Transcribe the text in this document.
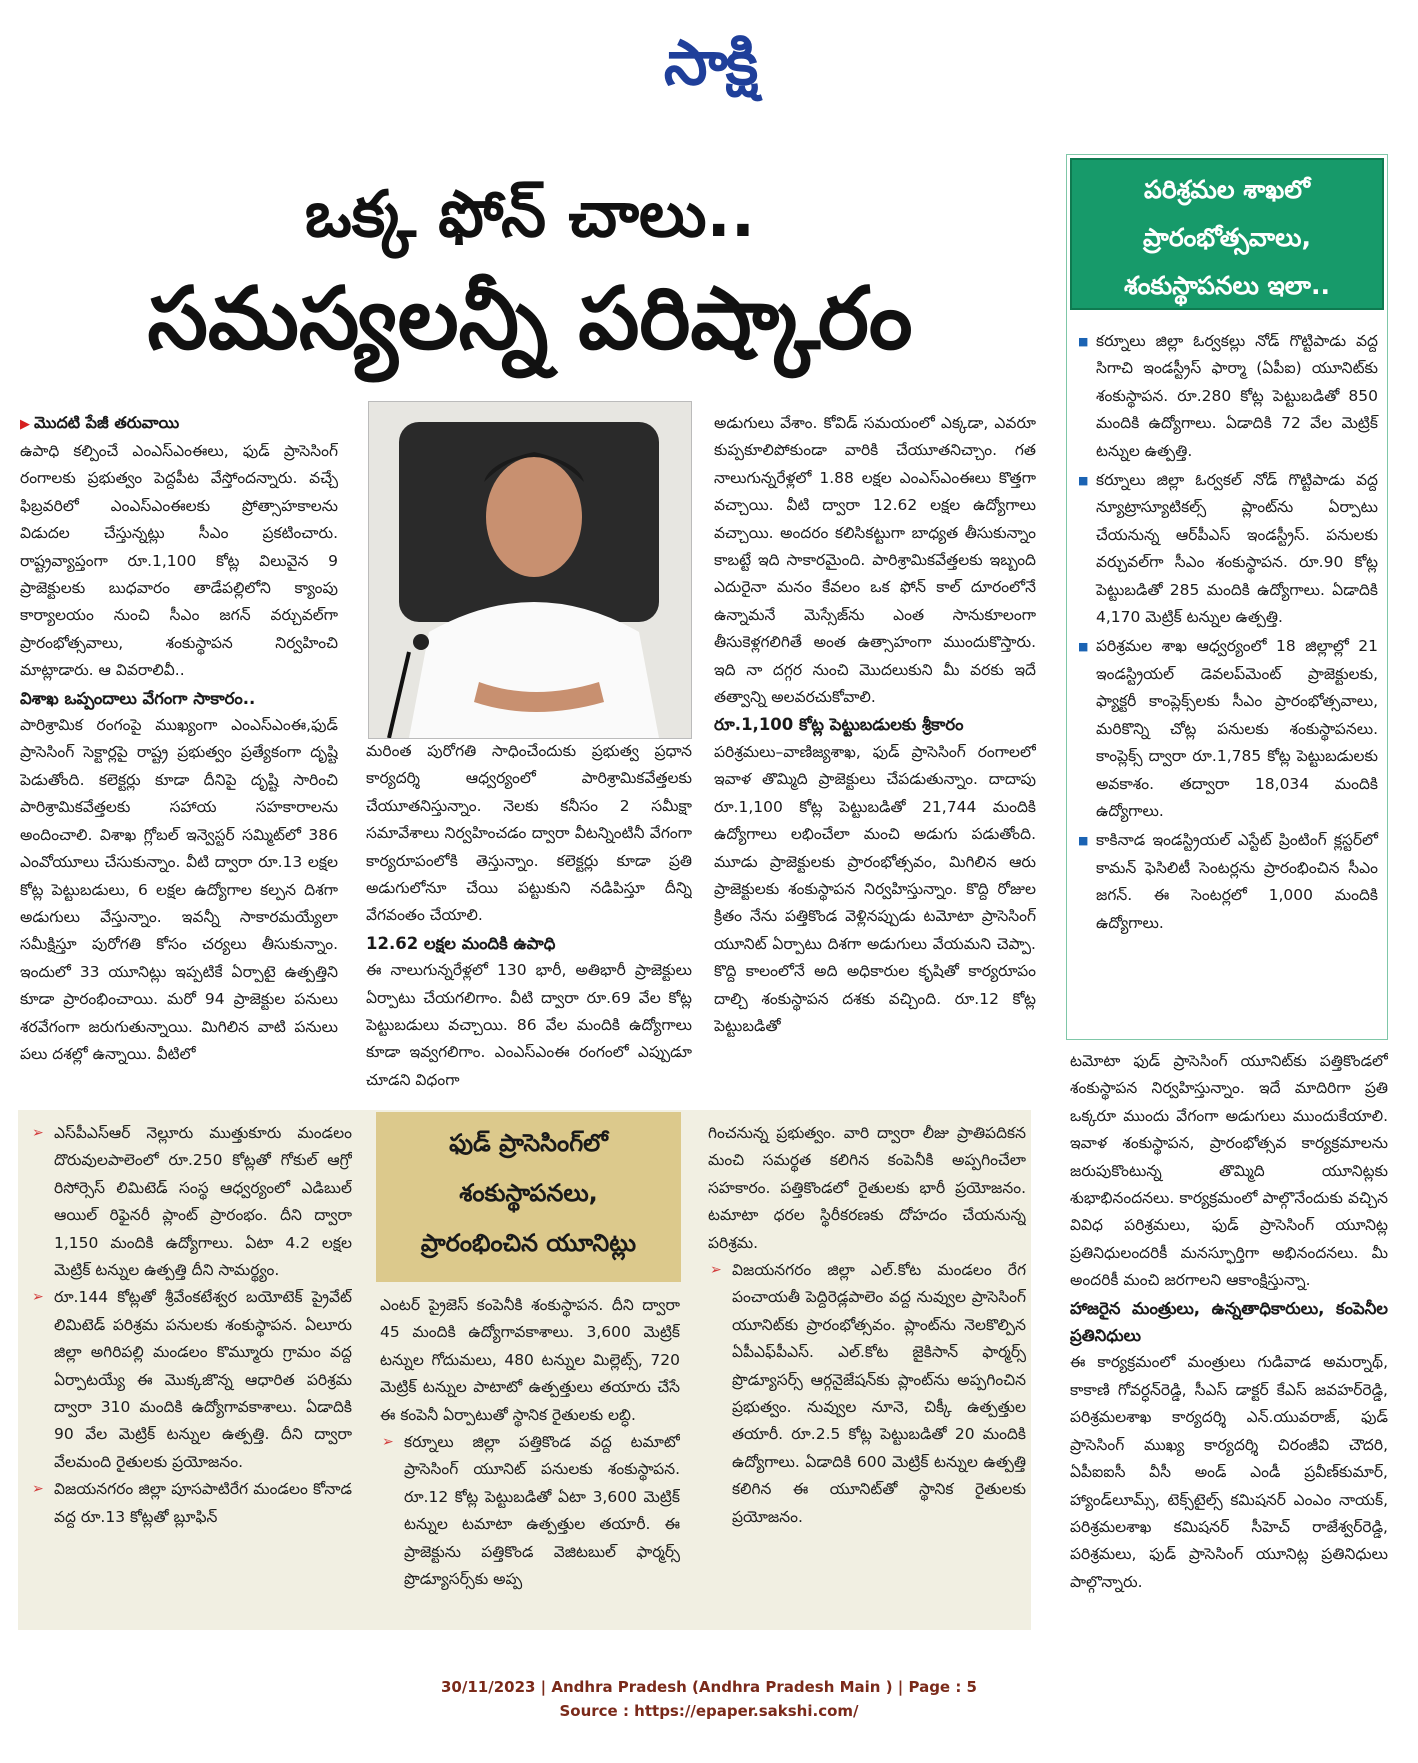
సాక్షి
ఒక్క ఫోన్‌ చాలు..
సమస్యలన్నీ పరిష్కారం
పరిశ్రమల శాఖలో
ప్రారంభోత్సవాలు,
శంకుస్థాపనలు ఇలా..
■ కర్నూలు జిల్లా ఓర్వకల్లు నోడ్‌ గొట్టిపాడు వద్ద సిగాచి ఇండస్ట్రీస్‌ ఫార్మా (ఏపీఐ) యూనిట్‌కు శంకుస్థాపన. రూ.280 కోట్ల పెట్టుబడితో 850 మందికి ఉద్యోగాలు. ఏడాదికి 72 వేల మెట్రిక్‌ టన్నుల ఉత్పత్తి.
■ కర్నూలు జిల్లా ఓర్వకల్‌ నోడ్‌ గొట్టిపాడు వద్ద న్యూట్రాస్యూటికల్స్‌ ప్లాంట్‌ను ఏర్పాటు చేయనున్న ఆర్‌పీఎస్‌ ఇండస్ట్రీస్‌. పనులకు వర్చువల్‌గా సీఎం శంకుస్థాపన. రూ.90 కోట్ల పెట్టుబడితో 285 మందికి ఉద్యోగాలు. ఏడాదికి 4,170 మెట్రిక్‌ టన్నుల ఉత్పత్తి.
■ పరిశ్రమల శాఖ ఆధ్వర్యంలో 18 జిల్లాల్లో 21 ఇండస్ట్రియల్‌ డెవలప్‌మెంట్‌ ప్రాజెక్టులకు, ఫ్యాక్టరీ కాంప్లెక్స్‌లకు సీఎం ప్రారంభోత్సవాలు, మరికొన్ని చోట్ల పనులకు శంకుస్థాపనలు. కాంప్లెక్స్‌ ద్వారా రూ.1,785 కోట్ల పెట్టుబడులకు అవకాశం. తద్వారా 18,034 మందికి ఉద్యోగాలు.
■ కాకినాడ ఇండస్ట్రియల్‌ ఎస్టేట్‌ ప్రింటింగ్‌ క్లస్టర్‌లో కామన్‌ ఫెసిలిటీ సెంటర్లను ప్రారంభించిన సీఎం జగన్‌. ఈ సెంటర్లలో 1,000 మందికి ఉద్యోగాలు.
▶ మొదటి పేజీ తరువాయి

ఉపాధి కల్పించే ఎంఎస్‌ఎంఈలు, ఫుడ్‌ ప్రాసెసింగ్‌ రంగాలకు ప్రభుత్వం పెద్దపీట వేస్తోందన్నారు. వచ్చే ఫిబ్రవరిలో ఎంఎస్‌ఎంఈలకు ప్రోత్సాహకాలను విడుదల చేస్తున్నట్లు సీఎం ప్రకటించారు. రాష్ట్రవ్యాప్తంగా రూ.1,100 కోట్ల విలువైన 9 ప్రాజెక్టులకు బుధవారం తాడేపల్లిలోని క్యాంపు కార్యాలయం నుంచి సీఎం జగన్‌ వర్చువల్‌గా ప్రారంభోత్సవాలు, శంకుస్థాపన నిర్వహించి మాట్లాడారు. ఆ వివరాలివీ..

విశాఖ ఒప్పందాలు వేగంగా సాకారం..

పారిశ్రామిక రంగంపై ముఖ్యంగా ఎంఎస్‌ఎంఈ,ఫుడ్‌ ప్రాసెసింగ్‌ సెక్టార్లపై రాష్ట్ర ప్రభుత్వం ప్రత్యేకంగా దృష్టి పెడుతోంది. కలెక్టర్లు కూడా దీనిపై దృష్టి సారించి పారిశ్రామికవేత్తలకు సహాయ సహకారాలను అందించాలి. విశాఖ గ్లోబల్‌ ఇన్వెస్టర్‌ సమ్మిట్‌లో 386 ఎంవోయూలు చేసుకున్నాం. వీటి ద్వారా రూ.13 లక్షల కోట్ల పెట్టుబడులు, 6 లక్షల ఉద్యోగాల కల్పన దిశగా అడుగులు వేస్తున్నాం. ఇవన్నీ సాకారమయ్యేలా సమీక్షిస్తూ పురోగతి కోసం చర్యలు తీసుకున్నాం. ఇందులో 33 యూనిట్లు ఇప్పటికే ఏర్పాటై ఉత్పత్తిని కూడా ప్రారంభించాయి. మరో 94 ప్రాజెక్టుల పనులు శరవేగంగా జరుగుతున్నాయి. మిగిలిన వాటి పనులు పలు దశల్లో ఉన్నాయి. వీటిలో

మరింత పురోగతి సాధించేందుకు ప్రభుత్వ ప్రధాన కార్యదర్శి ఆధ్వర్యంలో పారిశ్రామికవేత్తలకు చేయూతనిస్తున్నాం. నెలకు కనీసం 2 సమీక్షా సమావేశాలు నిర్వహించడం ద్వారా వీటన్నింటినీ వేగంగా కార్యరూపంలోకి తెస్తున్నాం. కలెక్టర్లు కూడా ప్రతి అడుగులోనూ చేయి పట్టుకుని నడిపిస్తూ దీన్ని వేగవంతం చేయాలి.

12.62 లక్షల మందికి ఉపాధి

ఈ నాలుగున్నరేళ్లలో 130 భారీ, అతిభారీ ప్రాజెక్టులు ఏర్పాటు చేయగలిగాం. వీటి ద్వారా రూ.69 వేల కోట్ల పెట్టుబడులు వచ్చాయి. 86 వేల మందికి ఉద్యోగాలు కూడా ఇవ్వగలిగాం. ఎంఎస్‌ఎంఈ రంగంలో ఎప్పుడూ చూడని విధంగా

అడుగులు వేశాం. కోవిడ్‌ సమయంలో ఎక్కడా, ఎవరూ కుప్పకూలిపోకుండా వారికి చేయూతనిచ్చాం. గత నాలుగున్నరేళ్లలో 1.88 లక్షల ఎంఎస్‌ఎంఈలు కొత్తగా వచ్చాయి. వీటి ద్వారా 12.62 లక్షల ఉద్యోగాలు వచ్చాయి. అందరం కలిసికట్టుగా బాధ్యత తీసుకున్నాం కాబట్టే ఇది సాకారమైంది. పారిశ్రామికవేత్తలకు ఇబ్బంది ఎదురైనా మనం కేవలం ఒక ఫోన్‌ కాల్‌ దూరంలోనే ఉన్నామనే మెస్సేజ్‌ను ఎంత సానుకూలంగా తీసుకెళ్లగలిగితే అంత ఉత్సాహంగా ముందుకొస్తారు. ఇది నా దగ్గర నుంచి మొదలుకుని మీ వరకు ఇదే తత్వాన్ని అలవరచుకోవాలి.

రూ.1,100 కోట్ల పెట్టుబడులకు శ్రీకారం

పరిశ్రమలు–వాణిజ్యశాఖ, ఫుడ్‌ ప్రాసెసింగ్‌ రంగాలలో ఇవాళ తొమ్మిది ప్రాజెక్టులు చేపడుతున్నాం. దాదాపు రూ.1,100 కోట్ల పెట్టుబడితో 21,744 మందికి ఉద్యోగాలు లభించేలా మంచి అడుగు పడుతోంది. మూడు ప్రాజెక్టులకు ప్రారంభోత్సవం, మిగిలిన ఆరు ప్రాజెక్టులకు శంకుస్థాపన నిర్వహిస్తున్నాం. కొద్ది రోజుల క్రితం నేను పత్తికొండ వెళ్లినప్పుడు టమోటా ప్రాసెసింగ్‌ యూనిట్‌ ఏర్పాటు దిశగా అడుగులు వేయమని చెప్పా. కొద్ది కాలంలోనే అది అధికారుల కృషితో కార్యరూపం దాల్చి శంకుస్థాపన దశకు వచ్చింది. రూ.12 కోట్ల పెట్టుబడితో

టమోటా ఫుడ్‌ ప్రాసెసింగ్‌ యూనిట్‌కు పత్తికొండలో శంకుస్థాపన నిర్వహిస్తున్నాం. ఇదే మాదిరిగా ప్రతి ఒక్కరూ ముందు వేగంగా అడుగులు ముందుకేయాలి. ఇవాళ శంకుస్థాపన, ప్రారంభోత్సవ కార్యక్రమాలను జరుపుకొంటున్న తొమ్మిది యూనిట్లకు శుభాభినందనలు. కార్యక్రమంలో పాల్గొనేందుకు వచ్చిన వివిధ పరిశ్రమలు, ఫుడ్‌ ప్రాసెసింగ్‌ యూనిట్ల ప్రతినిధులందరికీ మనస్ఫూర్తిగా అభినందనలు. మీ అందరికీ మంచి జరగాలని ఆకాంక్షిస్తున్నా.

హాజరైన మంత్రులు, ఉన్నతాధికారులు, కంపెనీల ప్రతినిధులు

ఈ కార్యక్రమంలో మంత్రులు గుడివాడ అమర్నాథ్, కాకాణి గోవర్ధన్‌రెడ్డి, సీఎస్‌ డాక్టర్‌ కేఎస్‌ జవహర్‌రెడ్డి, పరిశ్రమలశాఖ కార్యదర్శి ఎన్‌.యువరాజ్, ఫుడ్‌ ప్రాసెసింగ్‌ ముఖ్య కార్యదర్శి చిరంజీవి చౌదరి, ఏపీఐఐసీ వీసీ అండ్‌ ఎండీ ప్రవీణ్‌కుమార్, హ్యాండ్‌లూమ్స్, టెక్స్‌టైల్స్‌ కమిషనర్‌ ఎంఎం నాయక్, పరిశ్రమలశాఖ కమిషనర్‌ సీహెచ్‌ రాజేశ్వర్‌రెడ్డి, పరిశ్రమలు, ఫుడ్‌ ప్రాసెసింగ్‌ యూనిట్ల ప్రతినిధులు పాల్గొన్నారు.

ఫుడ్‌ ప్రాసెసింగ్‌లో
శంకుస్థాపనలు,
ప్రారంభించిన యూనిట్లు
➢ ఎస్‌పీఎస్‌ఆర్‌ నెల్లూరు ముత్తుకూరు మండలం దొరువులపాలెంలో రూ.250 కోట్లతో గోకుల్‌ ఆగ్రో రిసోర్సెస్‌ లిమిటెడ్‌ సంస్థ ఆధ్వర్యంలో ఎడిబుల్‌ ఆయిల్‌ రిఫైనరీ ప్లాంట్‌ ప్రారంభం. దీని ద్వారా 1,150 మందికి ఉద్యోగాలు. ఏటా 4.2 లక్షల మెట్రిక్‌ టన్నుల ఉత్పత్తి దీని సామర్థ్యం.
➢ రూ.144 కోట్లతో శ్రీవేంకటేశ్వర బయోటెక్‌ ప్రైవేట్‌ లిమిటెడ్‌ పరిశ్రమ పనులకు శంకుస్థాపన. ఏలూరు జిల్లా అగిరిపల్లి మండలం కొమ్మూరు గ్రామం వద్ద ఏర్పాటయ్యే ఈ మొక్కజొన్న ఆధారిత పరిశ్రమ ద్వారా 310 మందికి ఉద్యోగావకాశాలు. ఏడాదికి 90 వేల మెట్రిక్‌ టన్నుల ఉత్పత్తి. దీని ద్వారా వేలమంది రైతులకు ప్రయోజనం.
➢ విజయనగరం జిల్లా పూసపాటిరేగ మండలం కోనాడ వద్ద రూ.13 కోట్లతో బ్లూఫిన్‌

ఎంటర్‌ ప్రైజెస్‌ కంపెనీకి శంకుస్థాపన. దీని ద్వారా 45 మందికి ఉద్యోగావకాశాలు. 3,600 మెట్రిక్‌ టన్నుల గోదుమలు, 480 టన్నుల మిల్లెట్స్, 720 మెట్రిక్‌ టన్నుల పాటాటో ఉత్పత్తులు తయారు చేసే ఈ కంపెనీ ఏర్పాటుతో స్థానిక రైతులకు లబ్ధి.

➢ కర్నూలు జిల్లా పత్తికొండ వద్ద టమాటో ప్రాసెసింగ్‌ యూనిట్‌ పనులకు శంకుస్థాపన. రూ.12 కోట్ల పెట్టుబడితో ఏటా 3,600 మెట్రిక్‌ టన్నుల టమాటా ఉత్పత్తుల తయారీ. ఈ ప్రాజెక్టును పత్తికొండ వెజిటబుల్‌ ఫార్మర్స్‌ ప్రొడ్యూసర్స్‌కు అప్ప

గించనున్న ప్రభుత్వం. వారి ద్వారా లీజు ప్రాతిపదికన మంచి సమర్థత కలిగిన కంపెనీకి అప్పగించేలా సహకారం. పత్తికొండలో రైతులకు భారీ ప్రయోజనం. టమాటా ధరల స్థిరీకరణకు దోహదం చేయనున్న పరిశ్రమ.

➢ విజయనగరం జిల్లా ఎల్‌.కోట మండలం రేగ పంచాయతీ పెద్దిరెడ్లపాలెం వద్ద నువ్వుల ప్రాసెసింగ్‌ యూనిట్‌కు ప్రారంభోత్సవం. ప్లాంట్‌ను నెలకొల్పిన ఏపీఎఫ్‌పీఎస్‌. ఎల్‌.కోట జైకిసాన్‌ ఫార్మర్స్‌ ప్రొడ్యూసర్స్‌ ఆర్గనైజేషన్‌కు ప్లాంట్‌ను అప్పగించిన ప్రభుత్వం. నువ్వుల నూనె, చిక్కీ ఉత్పత్తుల తయారీ. రూ.2.5 కోట్ల పెట్టుబడితో 20 మందికి ఉద్యోగాలు. ఏడాదికి 600 మెట్రిక్‌ టన్నుల ఉత్పత్తి కలిగిన ఈ యూనిట్‌తో స్థానిక రైతులకు ప్రయోజనం.
30/11/2023 | Andhra Pradesh (Andhra Pradesh Main ) | Page : 5
Source : https://epaper.sakshi.com/
